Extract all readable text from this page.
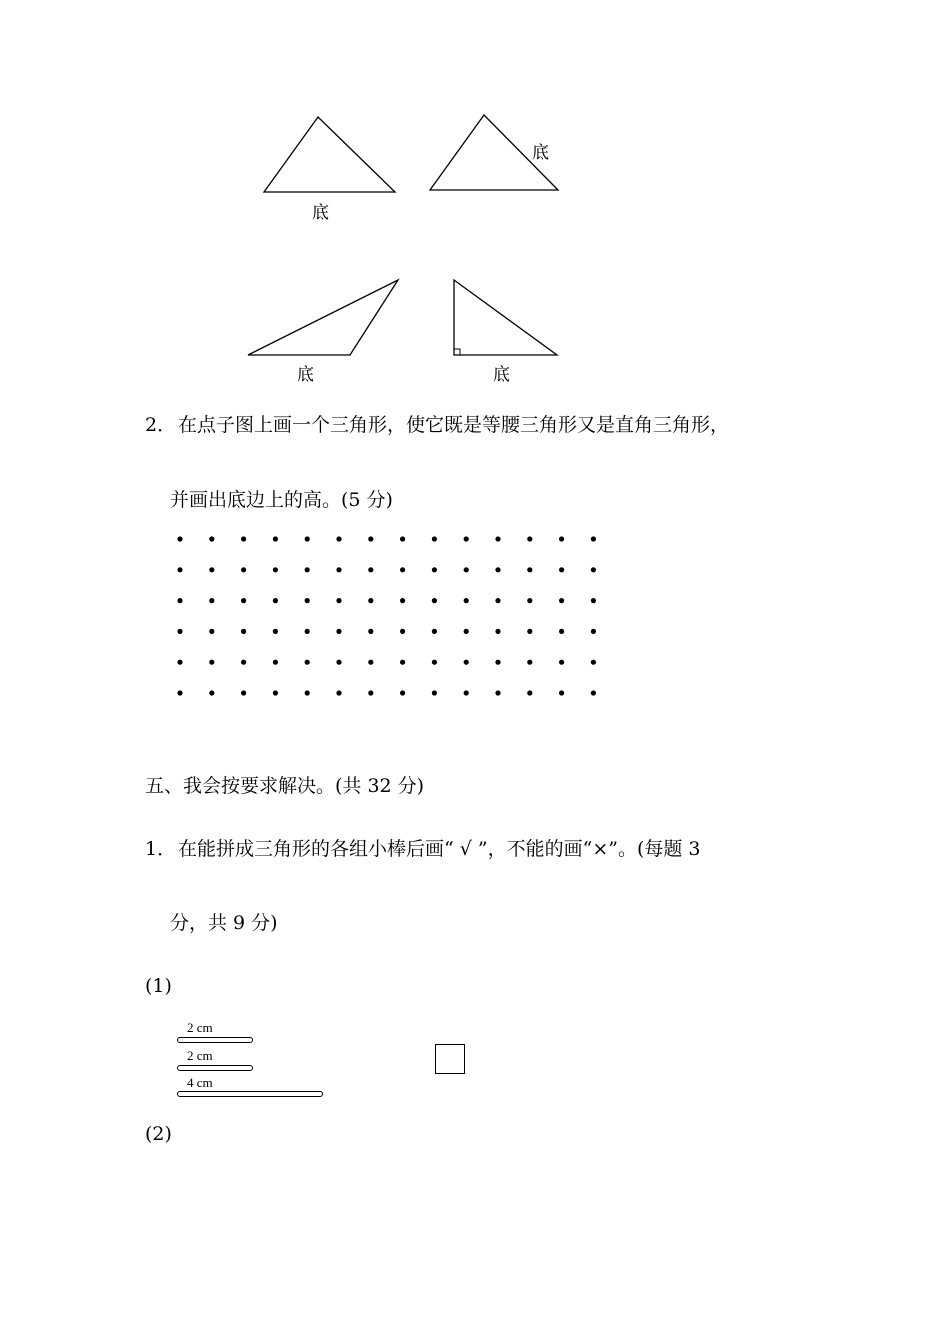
底
底
底	底
2． 在点子图上画一个三角形，使它既是等腰三角形又是直角三角形，
并画出底边上的高。(5 分)
五、我会按要求解决。(共 32 分)
1． 在能拼成三角形的各组小棒后画“ √ ”，不能的画“×”。(每题 3
分，共 9 分)
(1)
2 cm
2 cm
4 cm
(2)
